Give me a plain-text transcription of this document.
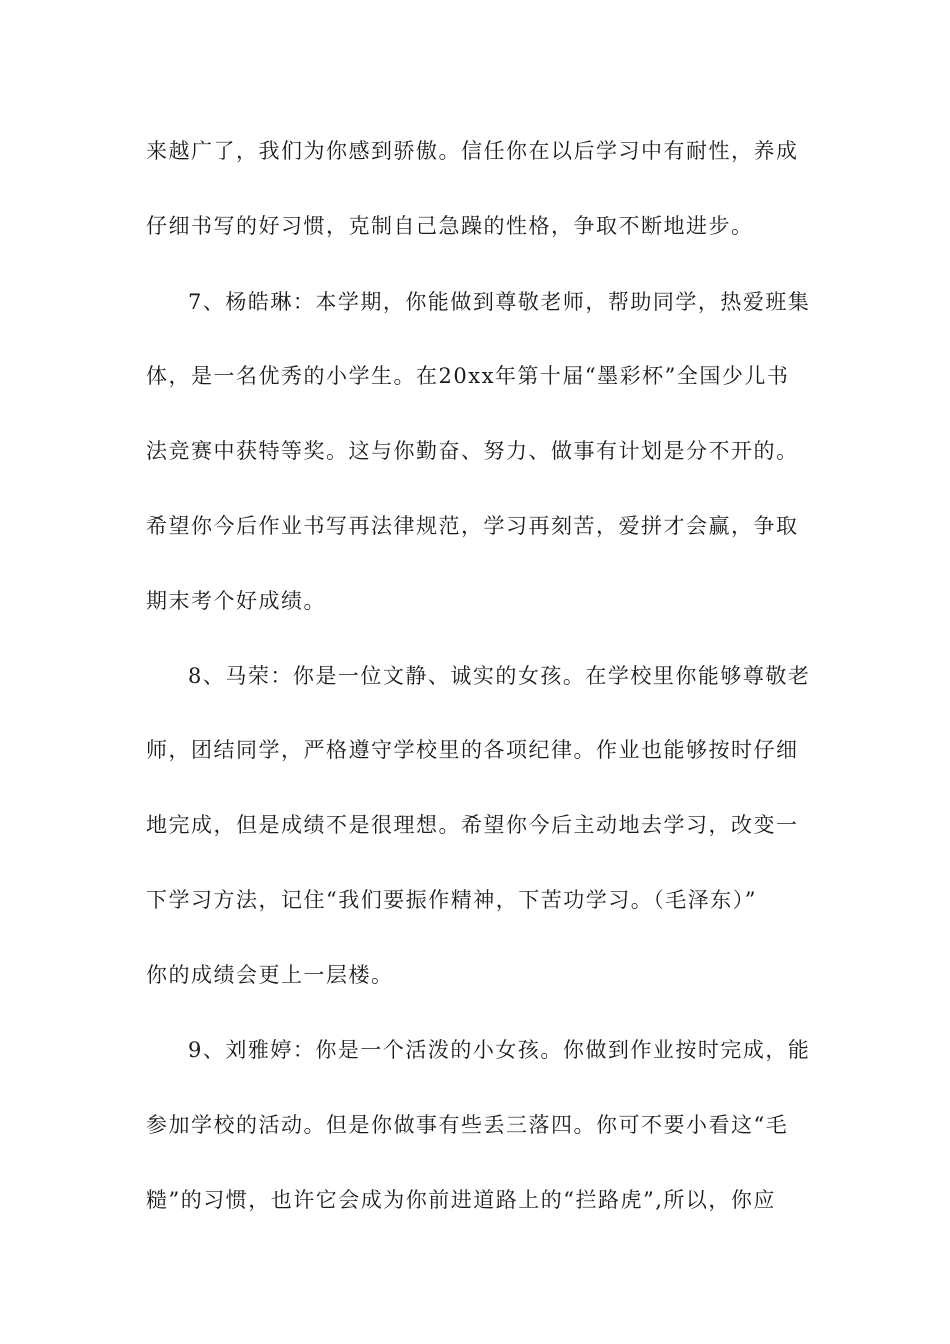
来越广了，我们为你感到骄傲。信任你在以后学习中有耐性，养成
仔细书写的好习惯，克制自己急躁的性格，争取不断地进步。
7、杨皓琳：本学期，你能做到尊敬老师，帮助同学，热爱班集
体，是一名优秀的小学生。在20xx年第十届“墨彩杯”全国少儿书
法竞赛中获特等奖。这与你勤奋、努力、做事有计划是分不开的。
希望你今后作业书写再法律规范，学习再刻苦，爱拼才会赢，争取
期末考个好成绩。
8、马荣：你是一位文静、诚实的女孩。在学校里你能够尊敬老
师，团结同学，严格遵守学校里的各项纪律。作业也能够按时仔细
地完成，但是成绩不是很理想。希望你今后主动地去学习，改变一
下学习方法，记住“我们要振作精神，下苦功学习。（毛泽东）”
你的成绩会更上一层楼。
9、刘雅婷：你是一个活泼的小女孩。你做到作业按时完成，能
参加学校的活动。但是你做事有些丢三落四。你可不要小看这“毛
糙”的习惯，也许它会成为你前进道路上的“拦路虎”,所以，你应
